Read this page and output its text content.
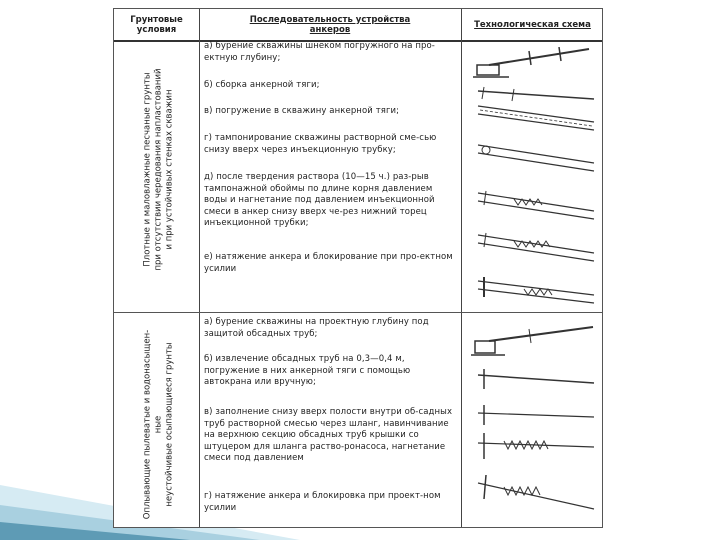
Грунтовые условия
Последовательность устройства
анкеров	Технологическая схема
Плотные и маловлажные песчаные грунты
при отсутствии чередования напластований
и при устойчивых стенках скважин
Оплывающие пылеватые и водонасыщен-
ные
неустойчивые осыпающиеся грунты
а) бурение скважины шнеком погружного на про-ектную глубину;
б) сборка анкерной тяги;
в) погружение в скважину анкерной тяги;
г) тампонирование скважины растворной сме-сью снизу вверх через инъекционную трубку;
д) после твердения раствора (10—15 ч.) раз-рыв тампонажной обоймы по длине корня давлением воды и нагнетание под давлением инъекционной смеси в анкер снизу вверх че-рез нижний торец инъекционной трубки;
е) натяжение анкера и блокирование при про-ектном усилии
а) бурение скважины на проектную глубину под защитой обсадных труб;
б) извлечение обсадных труб на 0,3—0,4 м, погружение в них анкерной тяги с помощью автокрана или вручную;
в) заполнение снизу вверх полости внутри об-садных труб растворной смесью через шланг, навинчивание на верхнюю секцию обсадных труб крышки со штуцером для шланга раство-ронасоса, нагнетание смеси под давлением
г) натяжение анкера и блокировка при проект-ном усилии
